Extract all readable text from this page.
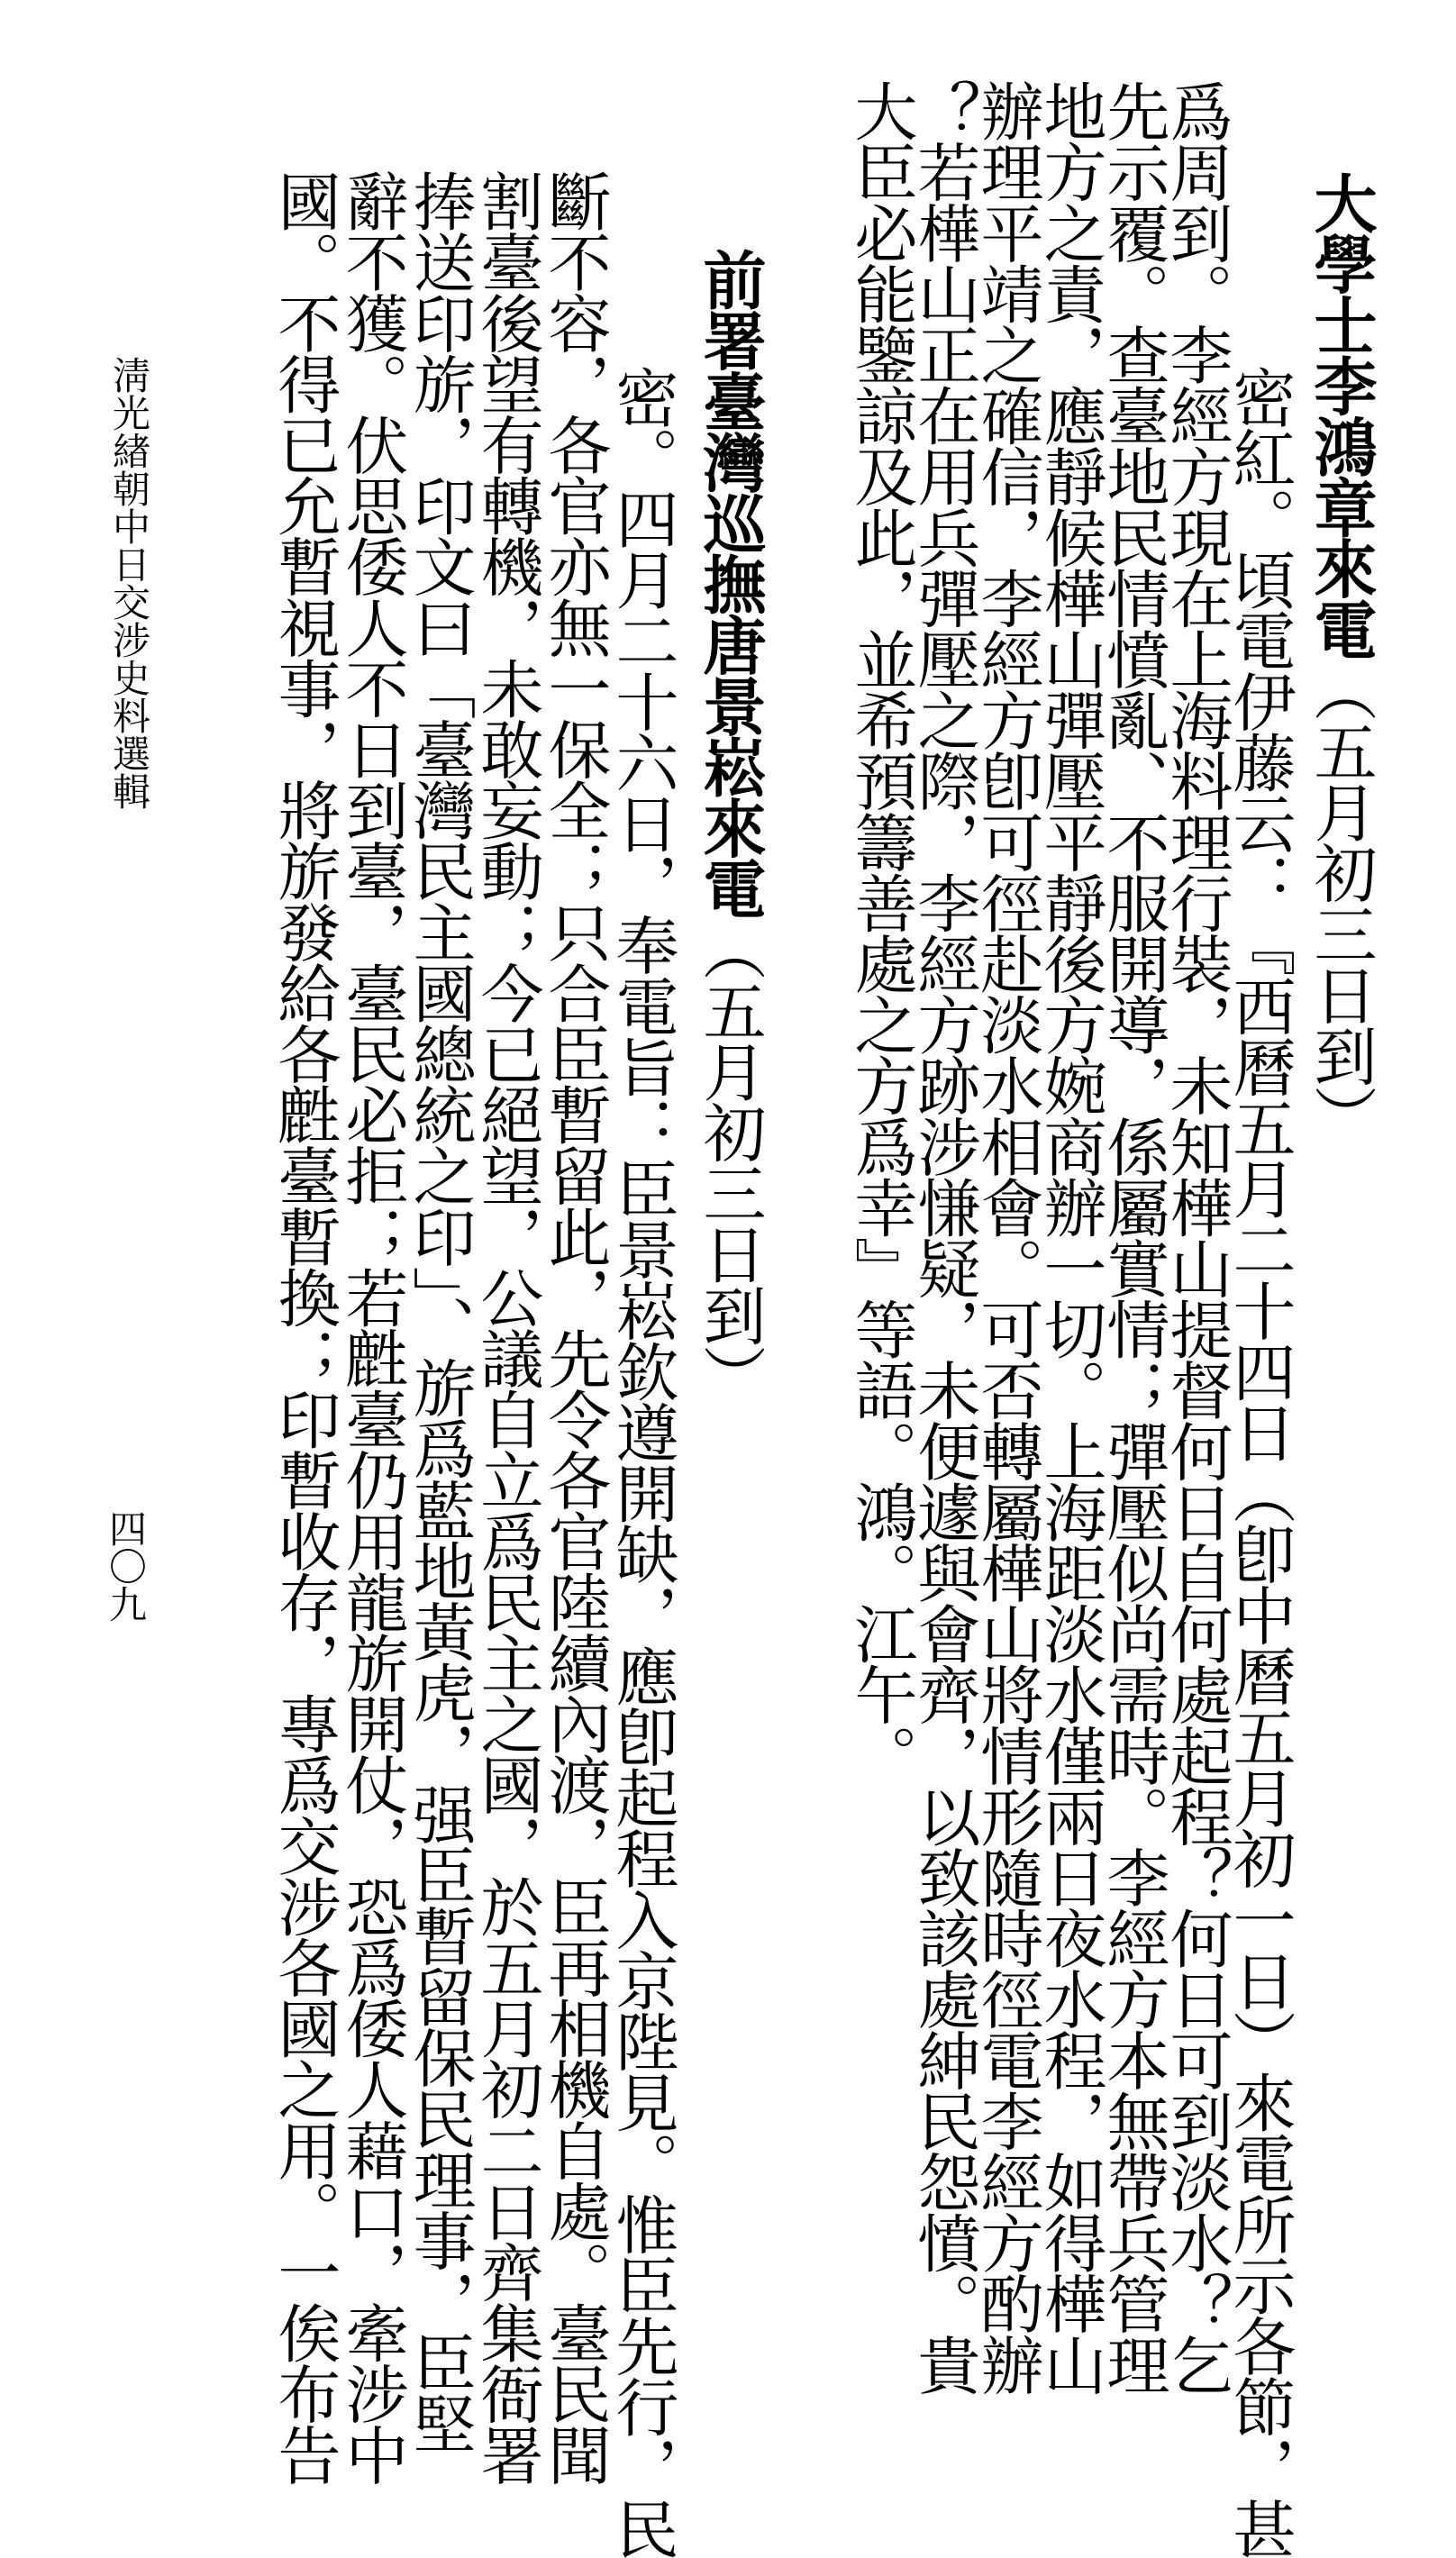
大學士李鴻章來電（五月初三日到）
　　密紅。頃電伊藤云：『西曆五月二十四日（卽中曆五月初一日）來電所示各節，甚
爲周到。李經方現在上海料理行裝，未知樺山提督何日自何處起程？何日可到淡水？乞
先示覆。查臺地民情憤亂、不服開導，係屬實情；彈壓似尚需時。李經方本無帶兵管理
地方之責，應靜候樺山彈壓平靜後方婉商辦一切。上海距淡水僅兩日夜水程，如得樺山
辦理平靖之確信，李經方卽可徑赴淡水相會。可否轉屬樺山將情形隨時徑電李經方酌辦
？若樺山正在用兵彈壓之際，李經方跡涉慊疑，未便遽與會齊，以致該處紳民怨憤。貴
大臣必能鑒諒及此，並希預籌善處之方爲幸』等語。鴻。江午。
前署臺灣巡撫唐景崧來電（五月初三日到）
　　密。四月二十六日，奉電旨：臣景崧欽遵開缺，應卽起程入京陛見。惟臣先行，民
斷不容，各官亦無一保全；只合臣暫留此，先令各官陸續內渡，臣再相機自處。臺民聞
割臺後望有轉機，未敢妄動；今已絕望，公議自立爲民主之國，於五月初二日齊集衙署
捧送印旂，印文曰「臺灣民主國總統之印」、旂爲藍地黃虎，强臣暫留保民理事，臣堅
辭不獲。伏思倭人不日到臺，臺民必拒；若𪊟臺仍用龍旂開仗，恐爲倭人藉口，牽涉中
國。不得已允暫視事，將旂發給各𪊟臺暫換；印暫收存，專爲交涉各國之用。一俟布告
淸光緖朝中日交涉史料選輯
四〇九
